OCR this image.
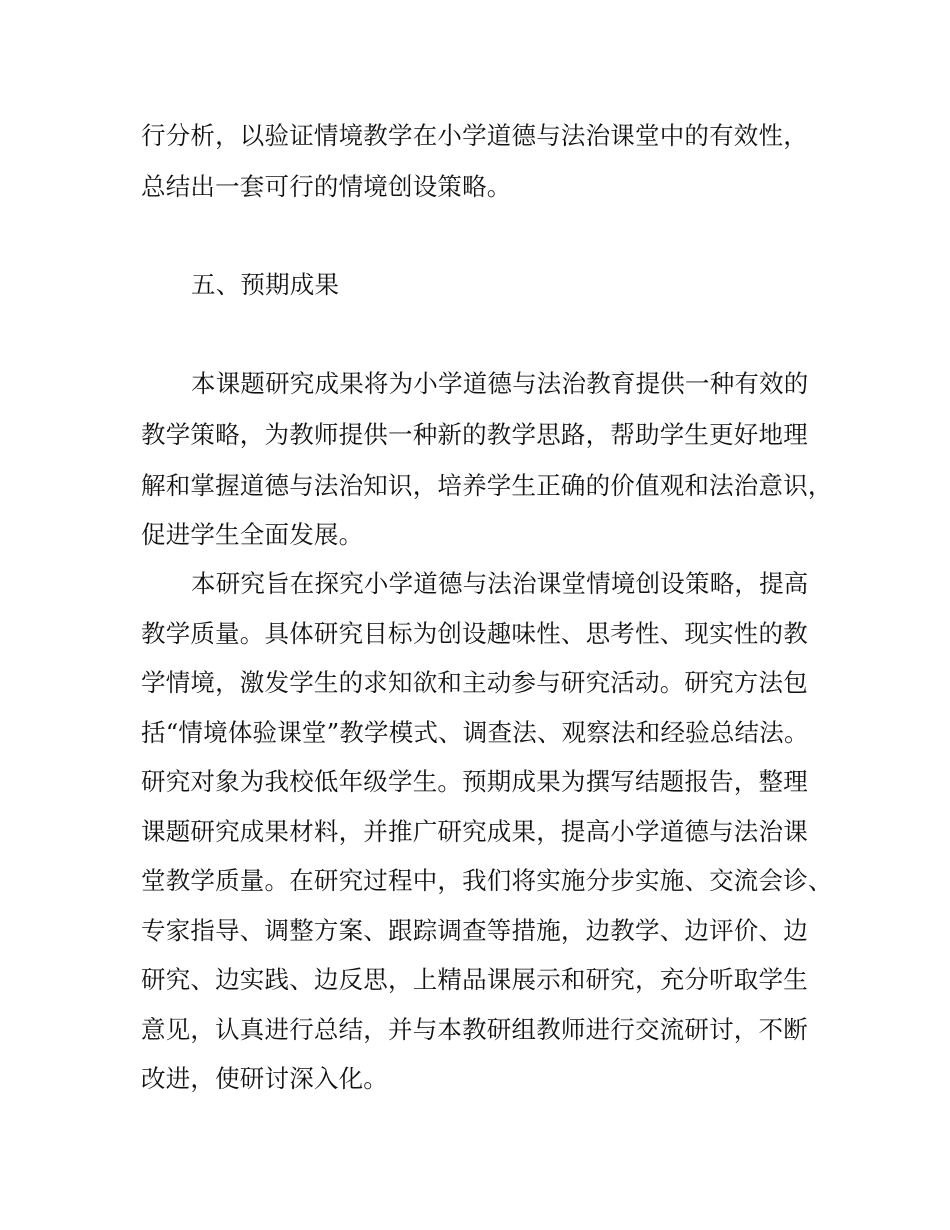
行分析，以验证情境教学在小学道德与法治课堂中的有效性，

总结出一套可行的情境创设策略。

五、预期成果

本课题研究成果将为小学道德与法治教育提供一种有效的

教学策略，为教师提供一种新的教学思路，帮助学生更好地理

解和掌握道德与法治知识，培养学生正确的价值观和法治意识，

促进学生全面发展。

本研究旨在探究小学道德与法治课堂情境创设策略，提高

教学质量。具体研究目标为创设趣味性、思考性、现实性的教

学情境，激发学生的求知欲和主动参与研究活动。研究方法包

括“情境体验课堂”教学模式、调查法、观察法和经验总结法。

研究对象为我校低年级学生。预期成果为撰写结题报告，整理

课题研究成果材料，并推广研究成果，提高小学道德与法治课

堂教学质量。在研究过程中，我们将实施分步实施、交流会诊、

专家指导、调整方案、跟踪调查等措施，边教学、边评价、边

研究、边实践、边反思，上精品课展示和研究，充分听取学生

意见，认真进行总结，并与本教研组教师进行交流研讨，不断

改进，使研讨深入化。
